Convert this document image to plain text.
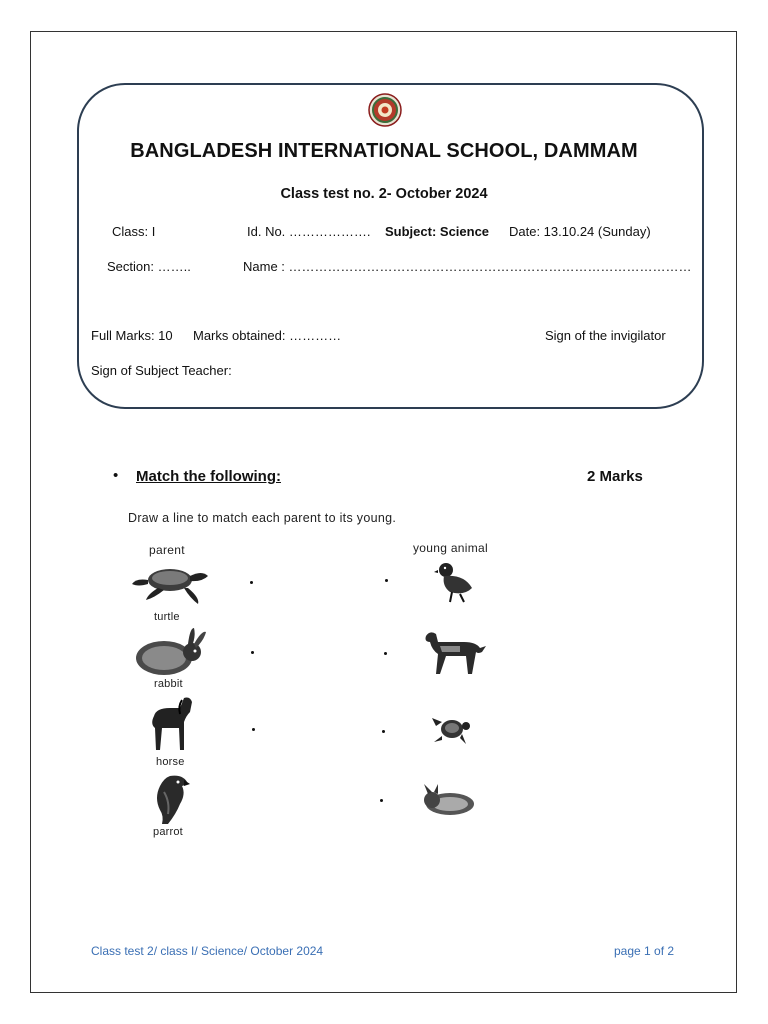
BANGLADESH INTERNATIONAL SCHOOL, DAMMAM
Class test no. 2- October 2024
Class: I	Id. No. ………………. Subject: Science Date: 13.10.24 (Sunday)
Section: ……..	Name : …………………………………………………………………………………
Full Marks: 10 Marks obtained: …………	Sign of the invigilator
Sign of Subject Teacher:
• Match the following:	2 Marks
Draw a line to match each parent to its young.
parent	young animal
turtle
rabbit
horse
parrot
Class test 2/ class I/ Science/ October 2024	page 1 of 2
